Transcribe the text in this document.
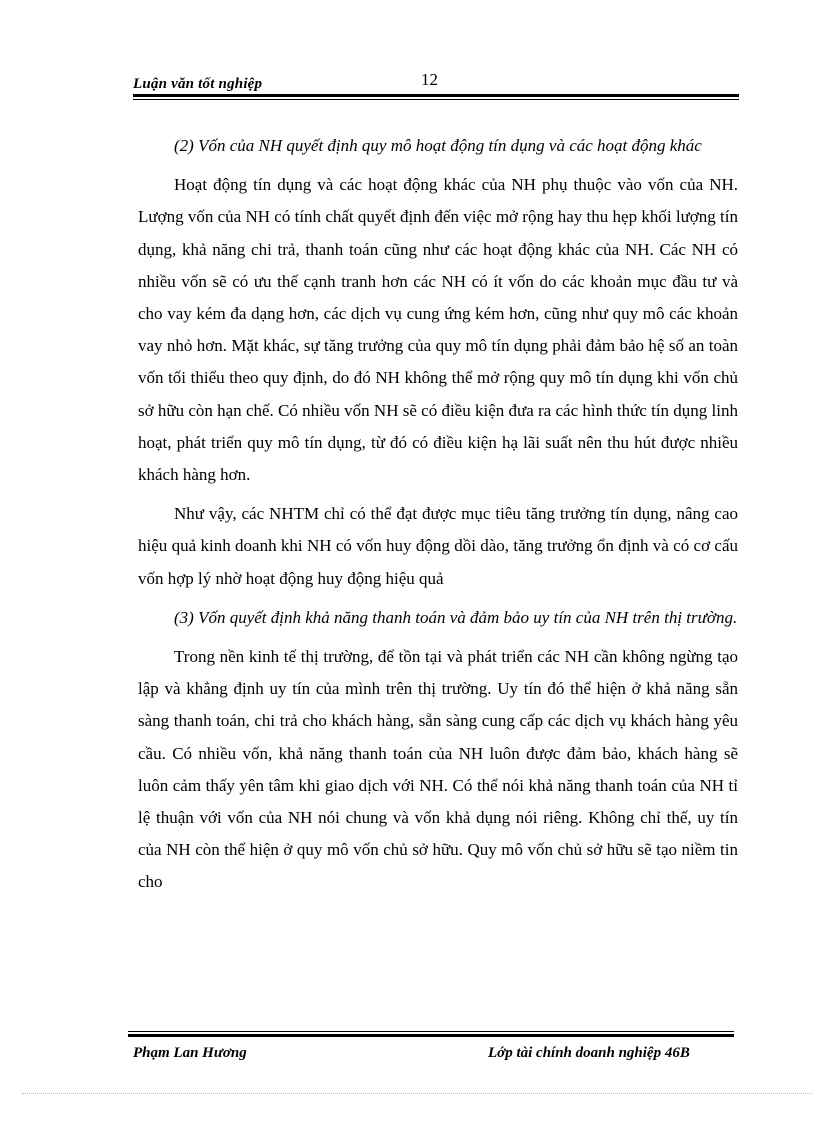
Luận văn tốt nghiệp	12

(2) Vốn của NH quyết định quy mô hoạt động tín dụng và các hoạt động khác

Hoạt động tín dụng và các hoạt động khác của NH phụ thuộc vào vốn của NH. Lượng vốn của NH có tính chất quyết định đến việc mở rộng hay thu hẹp khối lượng tín dụng, khả năng chi trả, thanh toán cũng như các hoạt động khác của NH. Các NH có nhiều vốn sẽ có ưu thế cạnh tranh hơn các NH có ít vốn do các khoản mục đầu tư và cho vay kém đa dạng hơn, các dịch vụ cung ứng kém hơn, cũng như quy mô các khoản vay nhỏ hơn. Mặt khác, sự tăng trưởng của quy mô tín dụng phải đảm bảo hệ số an toàn vốn tối thiểu theo quy định, do đó NH không thể mở rộng quy mô tín dụng khi vốn chủ sở hữu còn hạn chế. Có nhiều vốn NH sẽ có điều kiện đưa ra các hình thức tín dụng linh hoạt, phát triển quy mô tín dụng, từ đó có điều kiện hạ lãi suất nên thu hút được nhiều khách hàng hơn.

Như vậy, các NHTM chỉ có thể đạt được mục tiêu tăng trưởng tín dụng, nâng cao hiệu quả kinh doanh khi NH có vốn huy động dồi dào, tăng trưởng ổn định và có cơ cấu vốn hợp lý nhờ hoạt động huy động hiệu quả

(3) Vốn quyết định khả năng thanh toán và đảm bảo uy tín của NH trên thị trường.

Trong nền kinh tế thị trường, để tồn tại và phát triển các NH cần không ngừng tạo lập và khẳng định uy tín của mình trên thị trường. Uy tín đó thể hiện ở khả năng sẵn sàng thanh toán, chi trả cho khách hàng, sẵn sàng cung cấp các dịch vụ khách hàng yêu cầu. Có nhiều vốn, khả năng thanh toán của NH luôn được đảm bảo, khách hàng sẽ luôn cảm thấy yên tâm khi giao dịch với NH. Có thể nói khả năng thanh toán của NH tỉ lệ thuận với vốn của NH nói chung và vốn khả dụng nói riêng. Không chỉ thế, uy tín của NH còn thể hiện ở quy mô vốn chủ sở hữu. Quy mô vốn chủ sở hữu sẽ tạo niềm tin cho

Phạm Lan Hương	Lớp tài chính doanh nghiệp 46B
